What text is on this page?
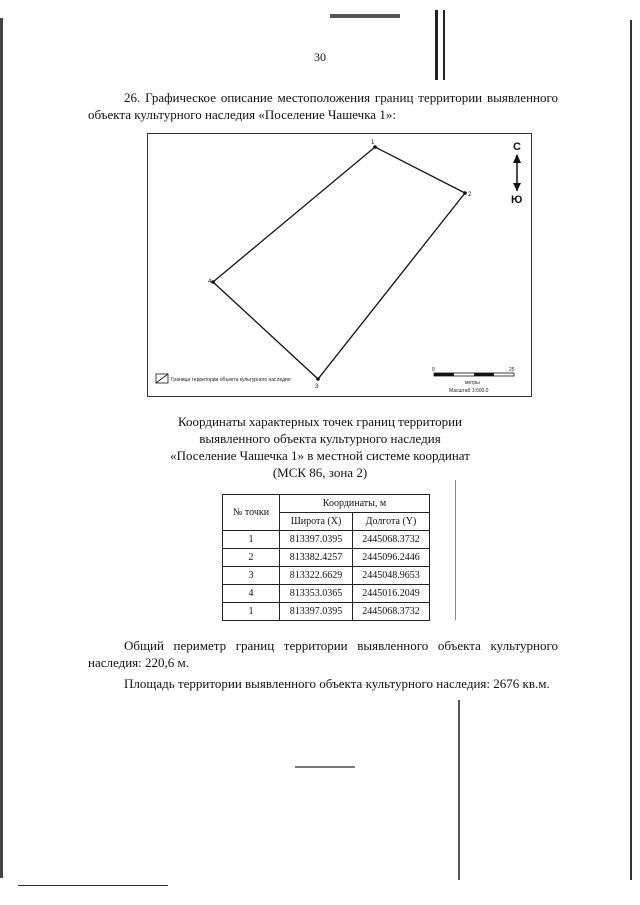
30
26. Графическое описание местоположения границ территории выявленного объекта культурного наследия «Поселение Чашечка 1»:
1
2
3
4
С
Ю
0	25
метры
Масштаб 1:600.0
Граница территории объекта культурного наследия
Координаты характерных точек границ территории
выявленного объекта культурного наследия
«Поселение Чашечка 1» в местной системе координат
(МСК 86, зона 2)
№ точки	Координаты, м	
	Широта (X)	Долгота (Y)
1	813397.0395	2445068.3732
2	813382.4257	2445096.2446
3	813322.6629	2445048.9653
4	813353.0365	2445016.2049
1	813397.0395	2445068.3732
Общий периметр границ территории выявленного объекта культурного наследия: 220,6 м.
Площадь территории выявленного объекта культурного наследия: 2676 кв.м.
